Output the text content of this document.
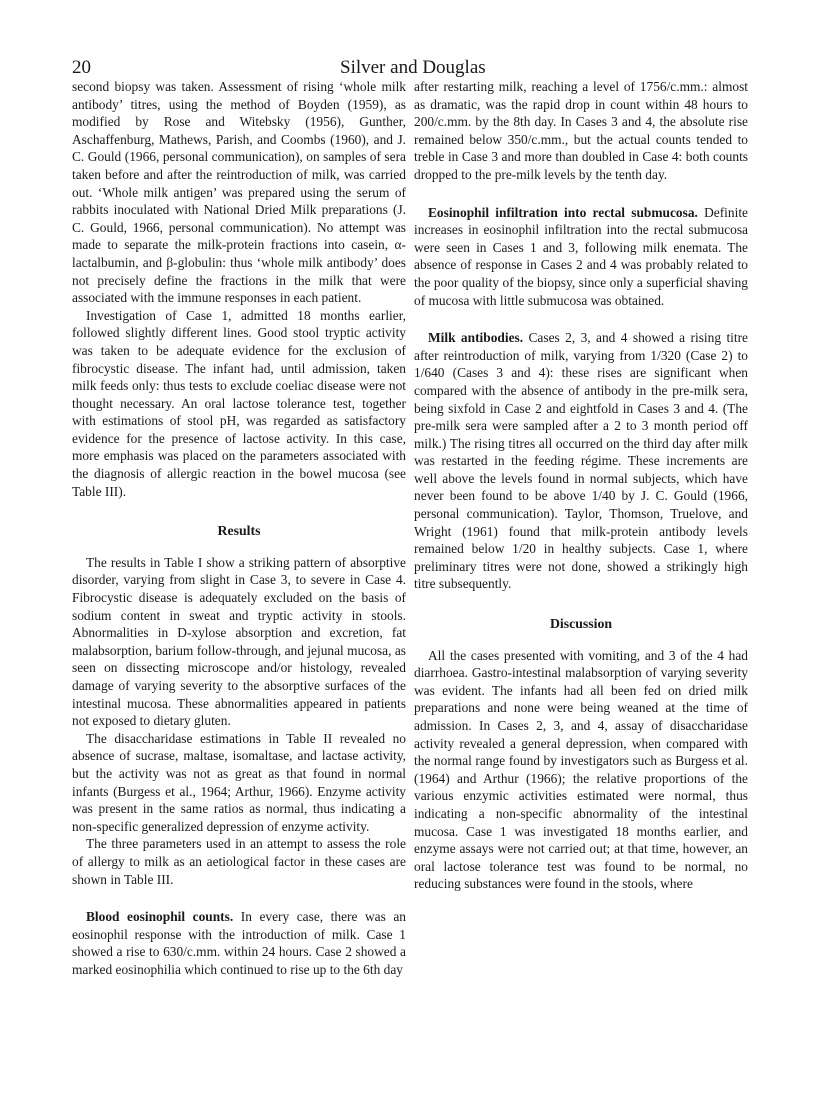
20	Silver and Douglas

second biopsy was taken. Assessment of rising ‘whole milk antibody’ titres, using the method of Boyden (1959), as modified by Rose and Witebsky (1956), Gunther, Aschaffenburg, Mathews, Parish, and Coombs (1960), and J. C. Gould (1966, personal communication), on samples of sera taken before and after the reintroduction of milk, was carried out. ‘Whole milk antigen’ was prepared using the serum of rabbits inoculated with National Dried Milk preparations (J. C. Gould, 1966, personal communication). No attempt was made to separate the milk-protein fractions into casein, α-lactalbumin, and β-globulin: thus ‘whole milk antibody’ does not precisely define the fractions in the milk that were associated with the immune responses in each patient.

Investigation of Case 1, admitted 18 months earlier, followed slightly different lines. Good stool tryptic activity was taken to be adequate evidence for the exclusion of fibrocystic disease. The infant had, until admission, taken milk feeds only: thus tests to exclude coeliac disease were not thought necessary. An oral lactose tolerance test, together with estimations of stool pH, was regarded as satisfactory evidence for the presence of lactose activity. In this case, more emphasis was placed on the parameters associated with the diagnosis of allergic reaction in the bowel mucosa (see Table III).

Results

The results in Table I show a striking pattern of absorptive disorder, varying from slight in Case 3, to severe in Case 4. Fibrocystic disease is adequately excluded on the basis of sodium content in sweat and tryptic activity in stools. Abnormalities in D-xylose absorption and excretion, fat malabsorption, barium follow-through, and jejunal mucosa, as seen on dissecting microscope and/or histology, revealed damage of varying severity to the absorptive surfaces of the intestinal mucosa. These abnormalities appeared in patients not exposed to dietary gluten.

The disaccharidase estimations in Table II revealed no absence of sucrase, maltase, isomaltase, and lactase activity, but the activity was not as great as that found in normal infants (Burgess et al., 1964; Arthur, 1966). Enzyme activity was present in the same ratios as normal, thus indicating a non-specific generalized depression of enzyme activity.

The three parameters used in an attempt to assess the role of allergy to milk as an aetiological factor in these cases are shown in Table III.

Blood eosinophil counts. In every case, there was an eosinophil response with the introduction of milk. Case 1 showed a rise to 630/c.mm. within 24 hours. Case 2 showed a marked eosinophilia which continued to rise up to the 6th day

after restarting milk, reaching a level of 1756/c.mm.: almost as dramatic, was the rapid drop in count within 48 hours to 200/c.mm. by the 8th day. In Cases 3 and 4, the absolute rise remained below 350/c.mm., but the actual counts tended to treble in Case 3 and more than doubled in Case 4: both counts dropped to the pre-milk levels by the tenth day.

Eosinophil infiltration into rectal submucosa. Definite increases in eosinophil infiltration into the rectal submucosa were seen in Cases 1 and 3, following milk enemata. The absence of response in Cases 2 and 4 was probably related to the poor quality of the biopsy, since only a superficial shaving of mucosa with little submucosa was obtained.

Milk antibodies. Cases 2, 3, and 4 showed a rising titre after reintroduction of milk, varying from 1/320 (Case 2) to 1/640 (Cases 3 and 4): these rises are significant when compared with the absence of antibody in the pre-milk sera, being sixfold in Case 2 and eightfold in Cases 3 and 4. (The pre-milk sera were sampled after a 2 to 3 month period off milk.) The rising titres all occurred on the third day after milk was restarted in the feeding régime. These increments are well above the levels found in normal subjects, which have never been found to be above 1/40 by J. C. Gould (1966, personal communication). Taylor, Thomson, Truelove, and Wright (1961) found that milk-protein antibody levels remained below 1/20 in healthy subjects. Case 1, where preliminary titres were not done, showed a strikingly high titre subsequently.

Discussion

All the cases presented with vomiting, and 3 of the 4 had diarrhoea. Gastro-intestinal malabsorption of varying severity was evident. The infants had all been fed on dried milk preparations and none were being weaned at the time of admission. In Cases 2, 3, and 4, assay of disaccharidase activity revealed a general depression, when compared with the normal range found by investigators such as Burgess et al. (1964) and Arthur (1966); the relative proportions of the various enzymic activities estimated were normal, thus indicating a non-specific abnormality of the intestinal mucosa. Case 1 was investigated 18 months earlier, and enzyme assays were not carried out; at that time, however, an oral lactose tolerance test was found to be normal, no reducing substances were found in the stools, where
